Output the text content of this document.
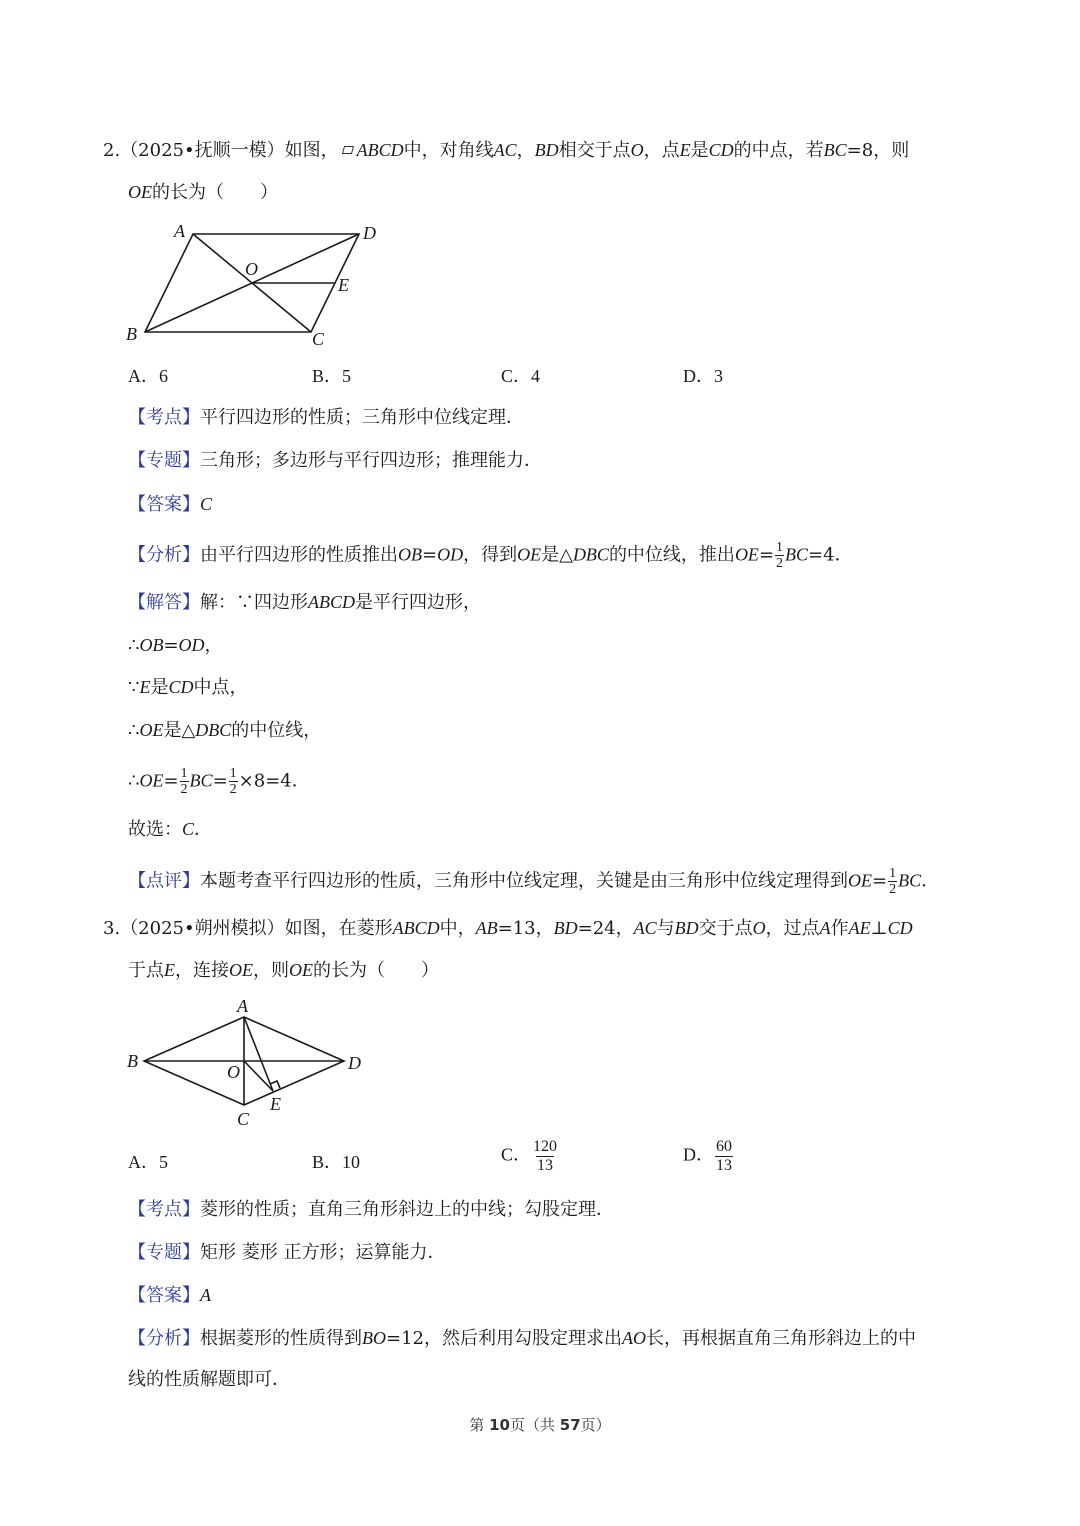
2.（2025•抚顺一模）如图， ABCD中，对角线AC，BD相交于点O，点E是CD的中点，若BC=8，则
OE的长为（　　）
A
B	C
D
O
E
A．6	B．5	C．4	D．3
【考点】平行四边形的性质；三角形中位线定理．
【专题】三角形；多边形与平行四边形；推理能力．
【答案】C
【分析】由平行四边形的性质推出OB=OD，得到OE是△DBC的中位线，推出$OE= \frac{1}{2} BC=4$．
【解答】解：∵四边形ABCD是平行四边形，
∴OB=OD，
∵E是CD中点，
∴OE是△DBC的中位线，
∴OE= $\frac{1}{2} BC= \frac{1}{2} \times 8=4$．
故选：C．
【点评】本题考查平行四边形的性质，三角形中位线定理，关键是由三角形中位线定理得到$OE= \frac{1}{2}$ BC．
3.（2025•朔州模拟）如图，在菱形ABCD中，AB=13，BD=24，AC与BD交于点O，过点A作AE⊥CD
于点E，连接OE，则OE的长为（　　）
A
B
C
D
O
E
A．5	B．10	C． $\frac{120}{13}$	D． $\frac{60}{13}$
【考点】菱形的性质；直角三角形斜边上的中线；勾股定理．
【专题】矩形 菱形 正方形；运算能力．
【答案】A
【分析】根据菱形的性质得到BO=12，然后利用勾股定理求出AO长，再根据直角三角形斜边上的中
线的性质解题即可．
第 10页（共 57页）
